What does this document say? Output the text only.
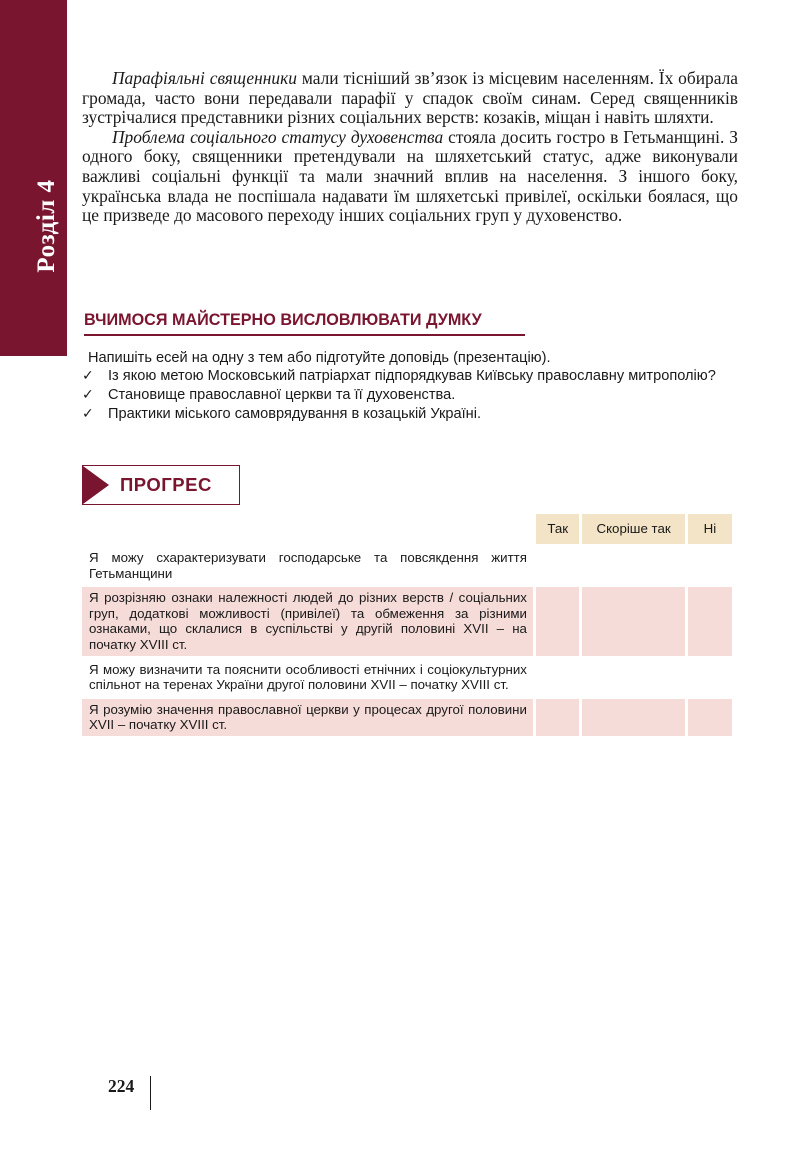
Розділ 4

Парафіяльні священники мали тісніший зв’язок із місцевим населенням. Їх обирала громада, часто вони передавали парафії у спадок своїм синам. Серед священників зустрічалися представники різних соціальних верств: козаків, міщан і навіть шляхти.

Проблема соціального статусу духовенства стояла досить гостро в Гетьманщині. З одного боку, священники претендували на шляхетський статус, адже виконували важливі соціальні функції та мали значний вплив на населення. З іншого боку, українська влада не поспішала надавати їм шляхетські привілеї, оскільки боялася, що це призведе до масового переходу інших соціальних груп у духовенство.

ВЧИМОСЯ МАЙСТЕРНО ВИСЛОВЛЮВАТИ ДУМКУ

Напишіть есей на одну з тем або підготуйте доповідь (презентацію).

✓ Із якою метою Московський патріархат підпорядкував Київську православну митрополію?
✓ Становище православної церкви та її духовенства.
✓ Практики міського самоврядування в козацькій Україні.
ПРОГРЕС
	Так	Скоріше так	Ні
Я можу схарактеризувати господарське та повсякдення життя Гетьманщини			
Я розрізняю ознаки належності людей до різних верств / соціальних груп, додаткові можливості (привілеї) та обмеження за різними ознаками, що склалися в суспільстві у другій половині XVII – на початку XVIII ст.			
Я можу визначити та пояснити особливості етнічних і соціокультурних спільнот на теренах України другої половини XVII – початку XVIII ст.			
Я розумію значення православної церкви у процесах другої половини XVII – початку XVIII ст.			
224
